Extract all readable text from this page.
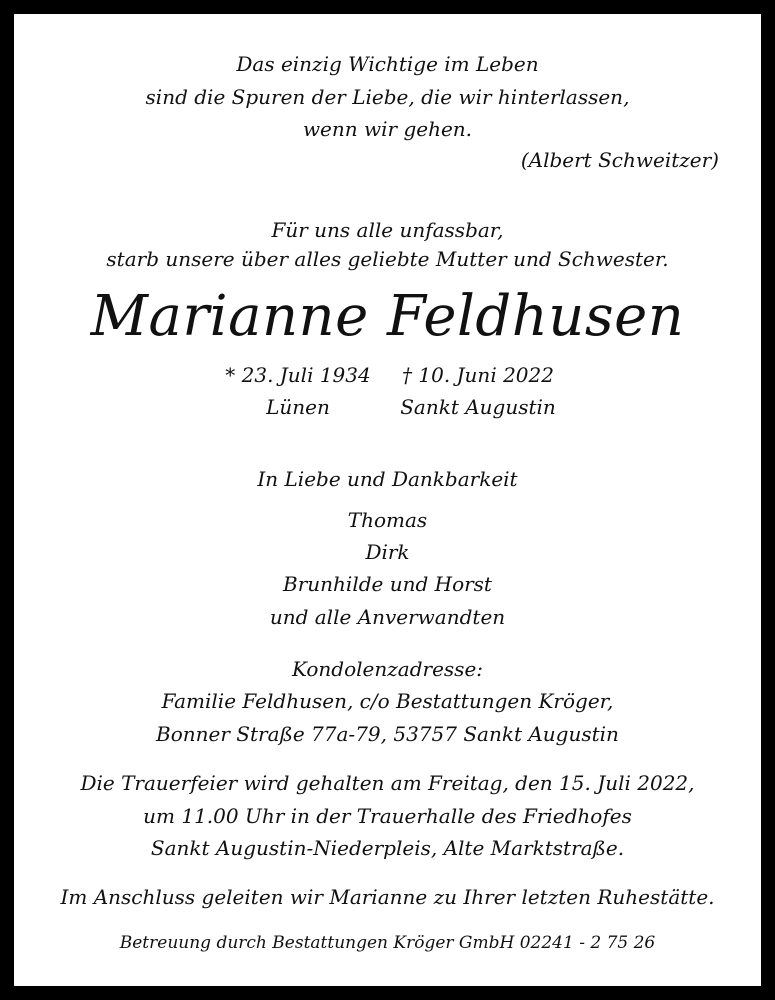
Das einzig Wichtige im Leben
sind die Spuren der Liebe, die wir hinterlassen,
wenn wir gehen.
(Albert Schweitzer)
Für uns alle unfassbar,
starb unsere über alles geliebte Mutter und Schwester.
Marianne Feldhusen
* 23. Juli 1934
Lünen
† 10. Juni 2022
Sankt Augustin
In Liebe und Dankbarkeit
Thomas
Dirk
Brunhilde und Horst
und alle Anverwandten
Kondolenzadresse:
Familie Feldhusen, c/o Bestattungen Kröger,
Bonner Straße 77a-79, 53757 Sankt Augustin
Die Trauerfeier wird gehalten am Freitag, den 15. Juli 2022,
um 11.00 Uhr in der Trauerhalle des Friedhofes
Sankt Augustin-Niederpleis, Alte Marktstraße.
Im Anschluss geleiten wir Marianne zu Ihrer letzten Ruhestätte.
Betreuung durch Bestattungen Kröger GmbH 02241 - 2 75 26
